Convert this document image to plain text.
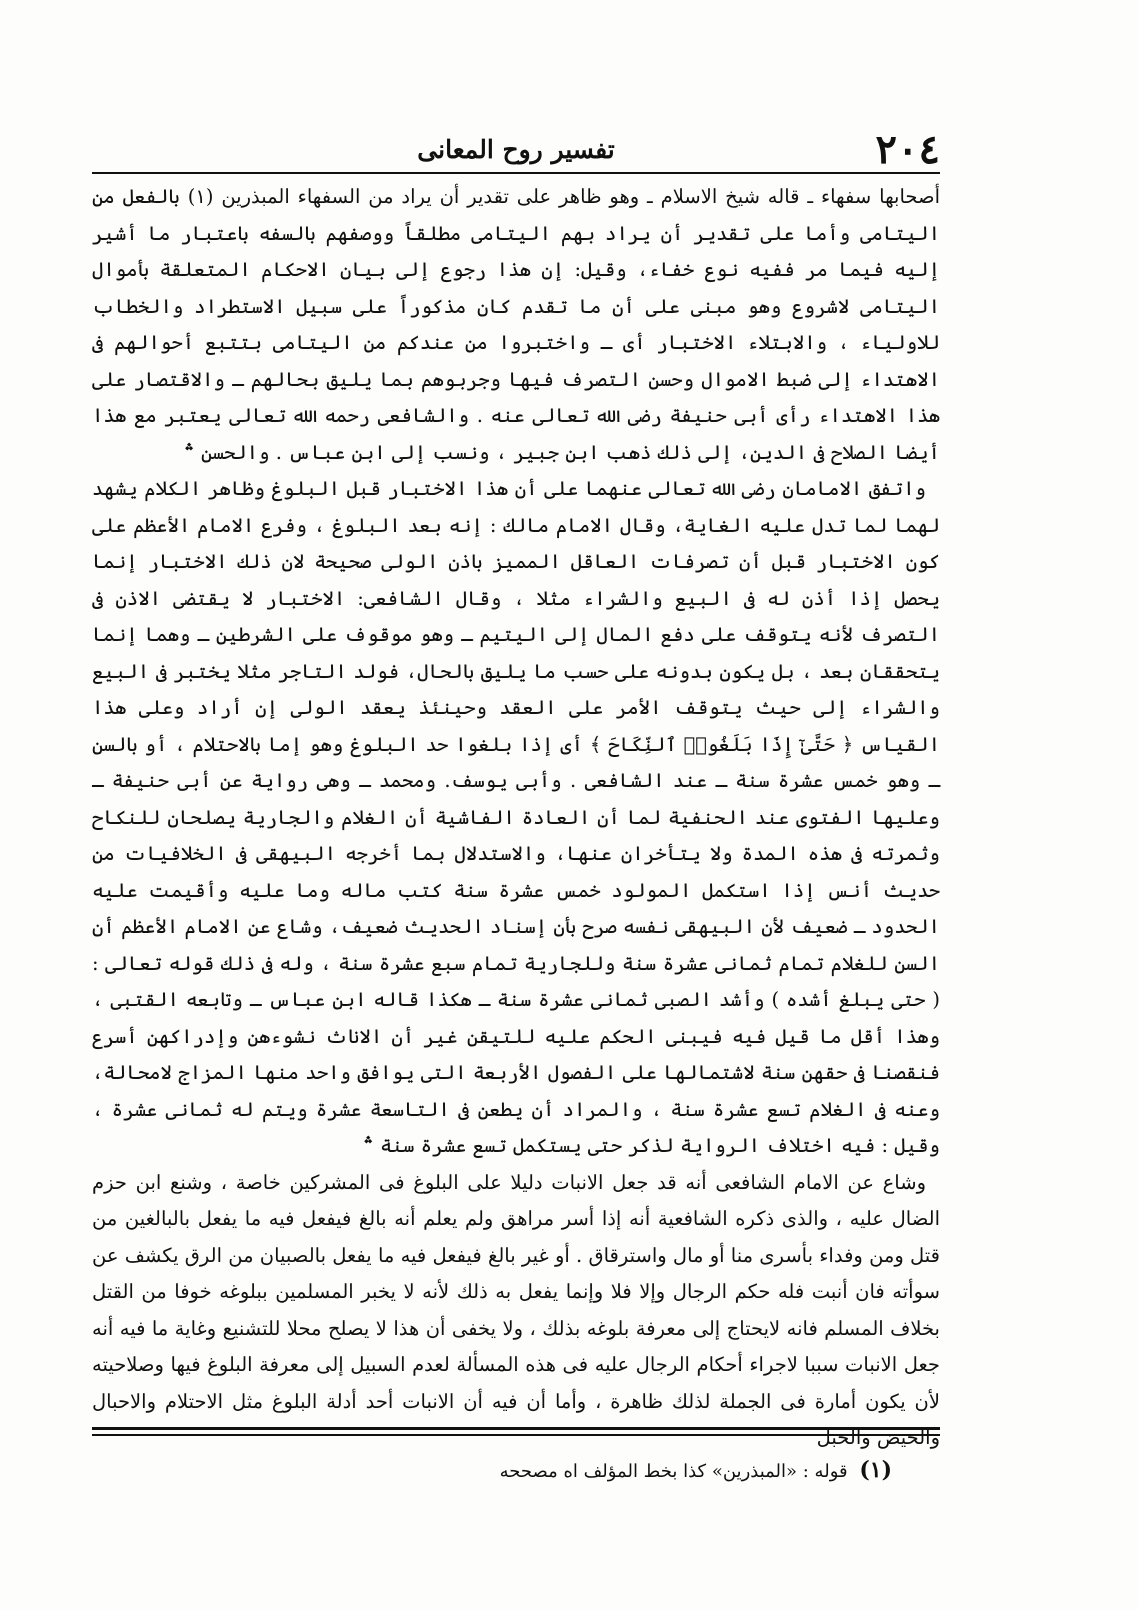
٢٠٤
تفسير روح المعانى

أصحابها سفهاء ـ قاله شيخ الاسلام ـ وهو ظاهر على تقدير أن يراد من السفهاء المبذرين (١) بالفعل من اليتامى وأما على تقدير أن يراد بهم اليتامى مطلقاً ووصفهم بالسفه باعتبار ما أشير إليه فيما مر ففيه نوع خفاء، وقيل: إن هذا رجوع إلى بيان الاحكام المتعلقة بأموال اليتامى لاشروع وهو مبنى على أن ما تقدم كان مذكوراً على سبيل الاستطراد والخطاب للاولياء ، والابتلاء الاختبار أى ـ واختبروا من عندكم من اليتامى بتتبع أحوالهم فى الاهتداء إلى ضبط الاموال وحسن التصرف فيها وجربوهم بما يليق بحالهم ـ والاقتصار على هذا الاهتداء رأى أبى حنيفة رضى الله تعالى عنه . والشافعى رحمه الله تعالى يعتبر مع هذا أيضا الصلاح فى الدين، إلى ذلك ذهب ابن جبير ، ونسب إلى ابن عباس . والحسن ؞

واتفق الامامان رضى الله تعالى عنهما على أن هذا الاختبار قبل البلوغ وظاهر الكلام يشهد لهما لما تدل عليه الغاية، وقال الامام مالك : إنه بعد البلوغ ، وفرع الامام الأعظم على كون الاختبار قبل أن تصرفات العاقل المميز باذن الولى صحيحة لان ذلك الاختبار إنما يحصل إذا أذن له فى البيع والشراء مثلا ، وقال الشافعى: الاختبار لا يقتضى الاذن فى التصرف لأنه يتوقف على دفع المال إلى اليتيم ـ وهو موقوف على الشرطين ـ وهما إنما يتحققان بعد ، بل يكون بدونه على حسب ما يليق بالحال، فولد التاجر مثلا يختبر فى البيع والشراء إلى حيث يتوقف الأمر على العقد وحينئذ يعقد الولى إن أراد وعلى هذا القياس ﴿ حَتَّىٰٓ إِذَا بَلَغُوا۟ ٱلنِّكَاحَ ﴾ أى إذا بلغوا حد البلوغ وهو إما بالاحتلام ، أو بالسن ـ وهو خمس عشرة سنة ـ عند الشافعى . وأبى يوسف. ومحمد ـ وهى رواية عن أبى حنيفة ـ وعليها الفتوى عند الحنفية لما أن العادة الفاشية أن الغلام والجارية يصلحان للنكاح وثمرته فى هذه المدة ولا يتأخران عنها، والاستدلال بما أخرجه البيهقى فى الخلافيات من حديث أنس إذا استكمل المولود خمس عشرة سنة كتب ماله وما عليه وأقيمت عليه الحدود ـ ضعيف لأن البيهقى نفسه صرح بأن إسناد الحديث ضعيف، وشاع عن الامام الأعظم أن السن للغلام تمام ثمانى عشرة سنة وللجارية تمام سبع عشرة سنة ، وله فى ذلك قوله تعالى : ( حتى يبلغ أشده ) وأشد الصبى ثمانى عشرة سنة ـ هكذا قاله ابن عباس ـ وتابعه القتبى ، وهذا أقل ما قيل فيه فيبنى الحكم عليه للتيقن غير أن الاناث نشوءهن وإدراكهن أسرع فنقصنا فى حقهن سنة لاشتمالها على الفصول الأربعة التى يوافق واحد منها المزاج لامحالة، وعنه فى الغلام تسع عشرة سنة ، والمراد أن يطعن فى التاسعة عشرة ويتم له ثمانى عشرة ، وقيل : فيه اختلاف الرواية لذكر حتى يستكمل تسع عشرة سنة ؞

وشاع عن الامام الشافعى أنه قد جعل الانبات دليلا على البلوغ فى المشركين خاصة ، وشنع ابن حزم الضال عليه ، والذى ذكره الشافعية أنه إذا أسر مراهق ولم يعلم أنه بالغ فيفعل فيه ما يفعل بالبالغين من قتل ومن وفداء بأسرى منا أو مال واسترقاق . أو غير بالغ فيفعل فيه ما يفعل بالصبيان من الرق يكشف عن سوأته فان أنبت فله حكم الرجال وإلا فلا وإنما يفعل به ذلك لأنه لا يخبر المسلمين ببلوغه خوفا من القتل بخلاف المسلم فانه لايحتاج إلى معرفة بلوغه بذلك ، ولا يخفى أن هذا لا يصلح محلا للتشنيع وغاية ما فيه أنه جعل الانبات سببا لاجراء أحكام الرجال عليه فى هذه المسألة لعدم السبيل إلى معرفة البلوغ فيها وصلاحيته لأن يكون أمارة فى الجملة لذلك ظاهرة ، وأما أن فيه أن الانبات أحد أدلة البلوغ مثل الاحتلام والاحبال والحيض والحبل

(١) قوله : «المبذرين» كذا بخط المؤلف اه مصححه
